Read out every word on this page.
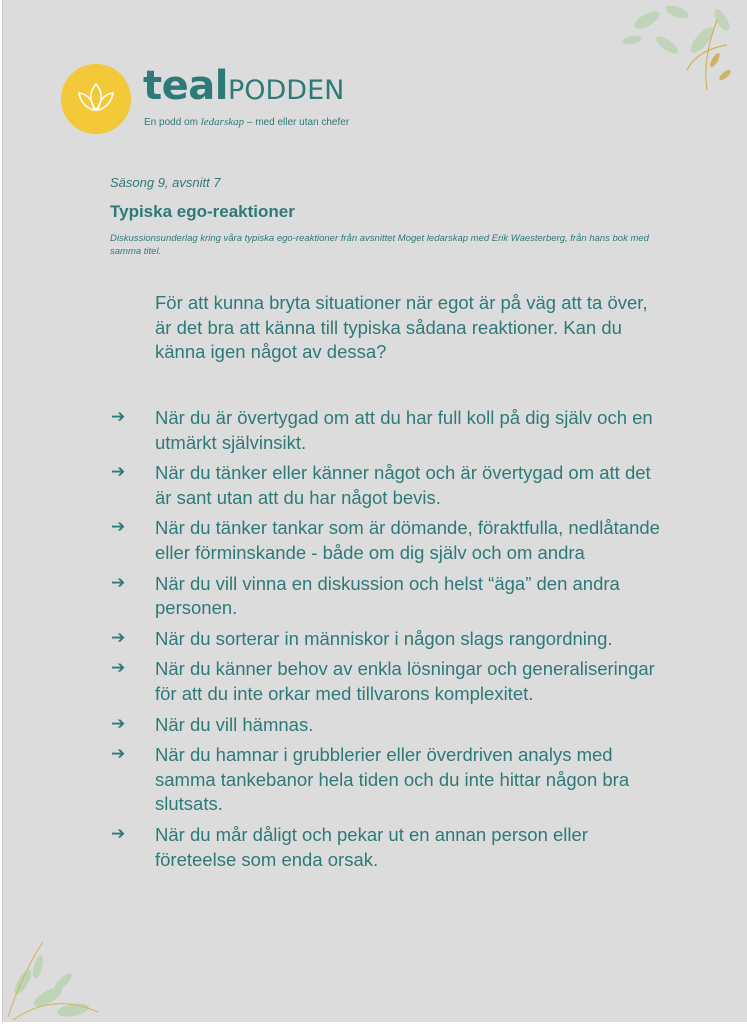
tealPODDEN
En podd om ledarskap – med eller utan chefer
Säsong 9, avsnitt 7
Typiska ego-reaktioner
Diskussionsunderlag kring våra typiska ego-reaktioner från avsnittet Moget ledarskap med Erik Waesterberg, från hans bok med samma titel.
För att kunna bryta situationer när egot är på väg att ta över, är det bra att känna till typiska sådana reaktioner. Kan du känna igen något av dessa?
➔ När du är övertygad om att du har full koll på dig själv och en utmärkt självinsikt.
➔ När du tänker eller känner något och är övertygad om att det är sant utan att du har något bevis.
➔ När du tänker tankar som är dömande, föraktfulla, nedlåtande eller förminskande - både om dig själv och om andra
➔ När du vill vinna en diskussion och helst “äga” den andra personen.
➔ När du sorterar in människor i någon slags rangordning.
➔ När du känner behov av enkla lösningar och generaliseringar för att du inte orkar med tillvarons komplexitet.
➔ När du vill hämnas.
➔ När du hamnar i grubblerier eller överdriven analys med samma tankebanor hela tiden och du inte hittar någon bra slutsats.
➔ När du mår dåligt och pekar ut en annan person eller företeelse som enda orsak.
